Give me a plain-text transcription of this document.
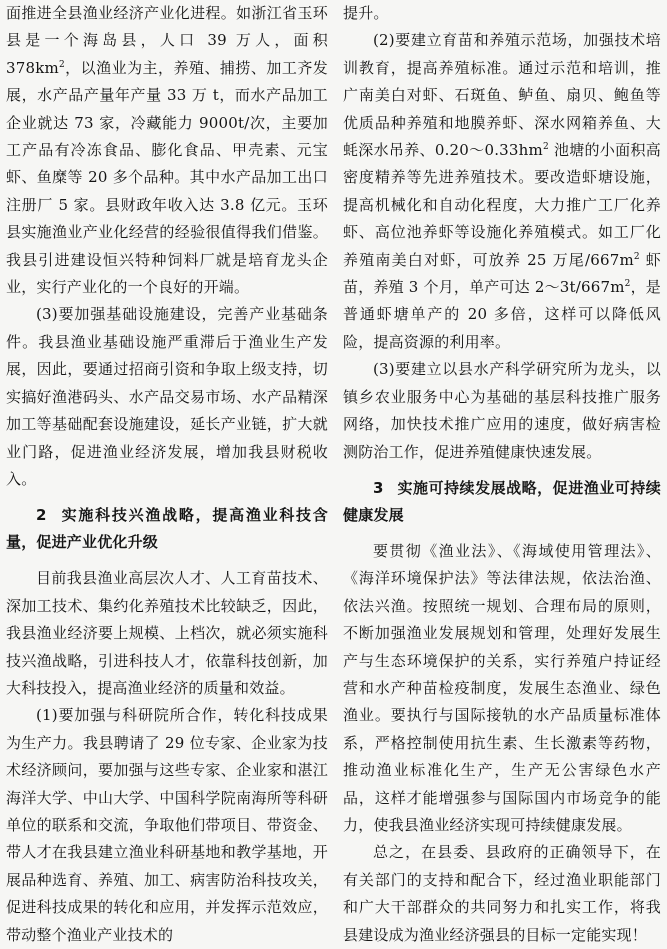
面推进全县渔业经济产业化进程。如浙江省玉环县是一个海岛县，人口 39 万人，面积 $378km^2$，以渔业为主，养殖、捕捞、加工齐发展，水产品产量年产量 33 万 t，而水产品加工企业就达 73 家，冷藏能力 9000t/次，主要加工产品有冷冻食品、膨化食品、甲壳素、元宝虾、鱼糜等 20 多个品种。其中水产品加工出口注册厂 5 家。县财政年收入达 3.8 亿元。玉环县实施渔业产业化经营的经验很值得我们借鉴。我县引进建设恒兴特种饲料厂就是培育龙头企业，实行产业化的一个良好的开端。

(3)要加强基础设施建设，完善产业基础条件。我县渔业基础设施严重滞后于渔业生产发展，因此，要通过招商引资和争取上级支持，切实搞好渔港码头、水产品交易市场、水产品精深加工等基础配套设施建设，延长产业链，扩大就业门路，促进渔业经济发展，增加我县财税收入。

2 实施科技兴渔战略，提高渔业科技含量，促进产业优化升级

目前我县渔业高层次人才、人工育苗技术、深加工技术、集约化养殖技术比较缺乏，因此，我县渔业经济要上规模、上档次，就必须实施科技兴渔战略，引进科技人才，依靠科技创新，加大科技投入，提高渔业经济的质量和效益。

(1)要加强与科研院所合作，转化科技成果为生产力。我县聘请了 29 位专家、企业家为技术经济顾问，要加强与这些专家、企业家和湛江海洋大学、中山大学、中国科学院南海所等科研单位的联系和交流，争取他们带项目、带资金、带人才在我县建立渔业科研基地和教学基地，开展品种选育、养殖、加工、病害防治科技攻关，促进科技成果的转化和应用，并发挥示范效应，带动整个渔业产业技术的

提升。

(2)要建立育苗和养殖示范场，加强技术培训教育，提高养殖标准。通过示范和培训，推广南美白对虾、石斑鱼、鲈鱼、扇贝、鲍鱼等优质品种养殖和地膜养虾、深水网箱养鱼、大蚝深水吊养、$0.20\sim 0.33hm^2$ 池塘的小面积高密度精养等先进养殖技术。要改造虾塘设施，提高机械化和自动化程度，大力推广工厂化养虾、高位池养虾等设施化养殖模式。如工厂化养殖南美白对虾，可放养 25 万尾$/667m^2$ 虾苗，养殖 3 个月，单产可达 $2\sim 3t/667m^2$，是普通虾塘单产的 20 多倍，这样可以降低风险，提高资源的利用率。

(3)要建立以县水产科学研究所为龙头，以镇乡农业服务中心为基础的基层科技推广服务网络，加快技术推广应用的速度，做好病害检测防治工作，促进养殖健康快速发展。

3 实施可持续发展战略，促进渔业可持续健康发展

要贯彻《渔业法》、《海域使用管理法》、《海洋环境保护法》等法律法规，依法治渔、依法兴渔。按照统一规划、合理布局的原则，不断加强渔业发展规划和管理，处理好发展生产与生态环境保护的关系，实行养殖户持证经营和水产种苗检疫制度，发展生态渔业、绿色渔业。要执行与国际接轨的水产品质量标准体系，严格控制使用抗生素、生长激素等药物，推动渔业标准化生产，生产无公害绿色水产品，这样才能增强参与国际国内市场竞争的能力，使我县渔业经济实现可持续健康发展。

总之，在县委、县政府的正确领导下，在有关部门的支持和配合下，经过渔业职能部门和广大干部群众的共同努力和扎实工作，将我县建设成为渔业经济强县的目标一定能实现！
